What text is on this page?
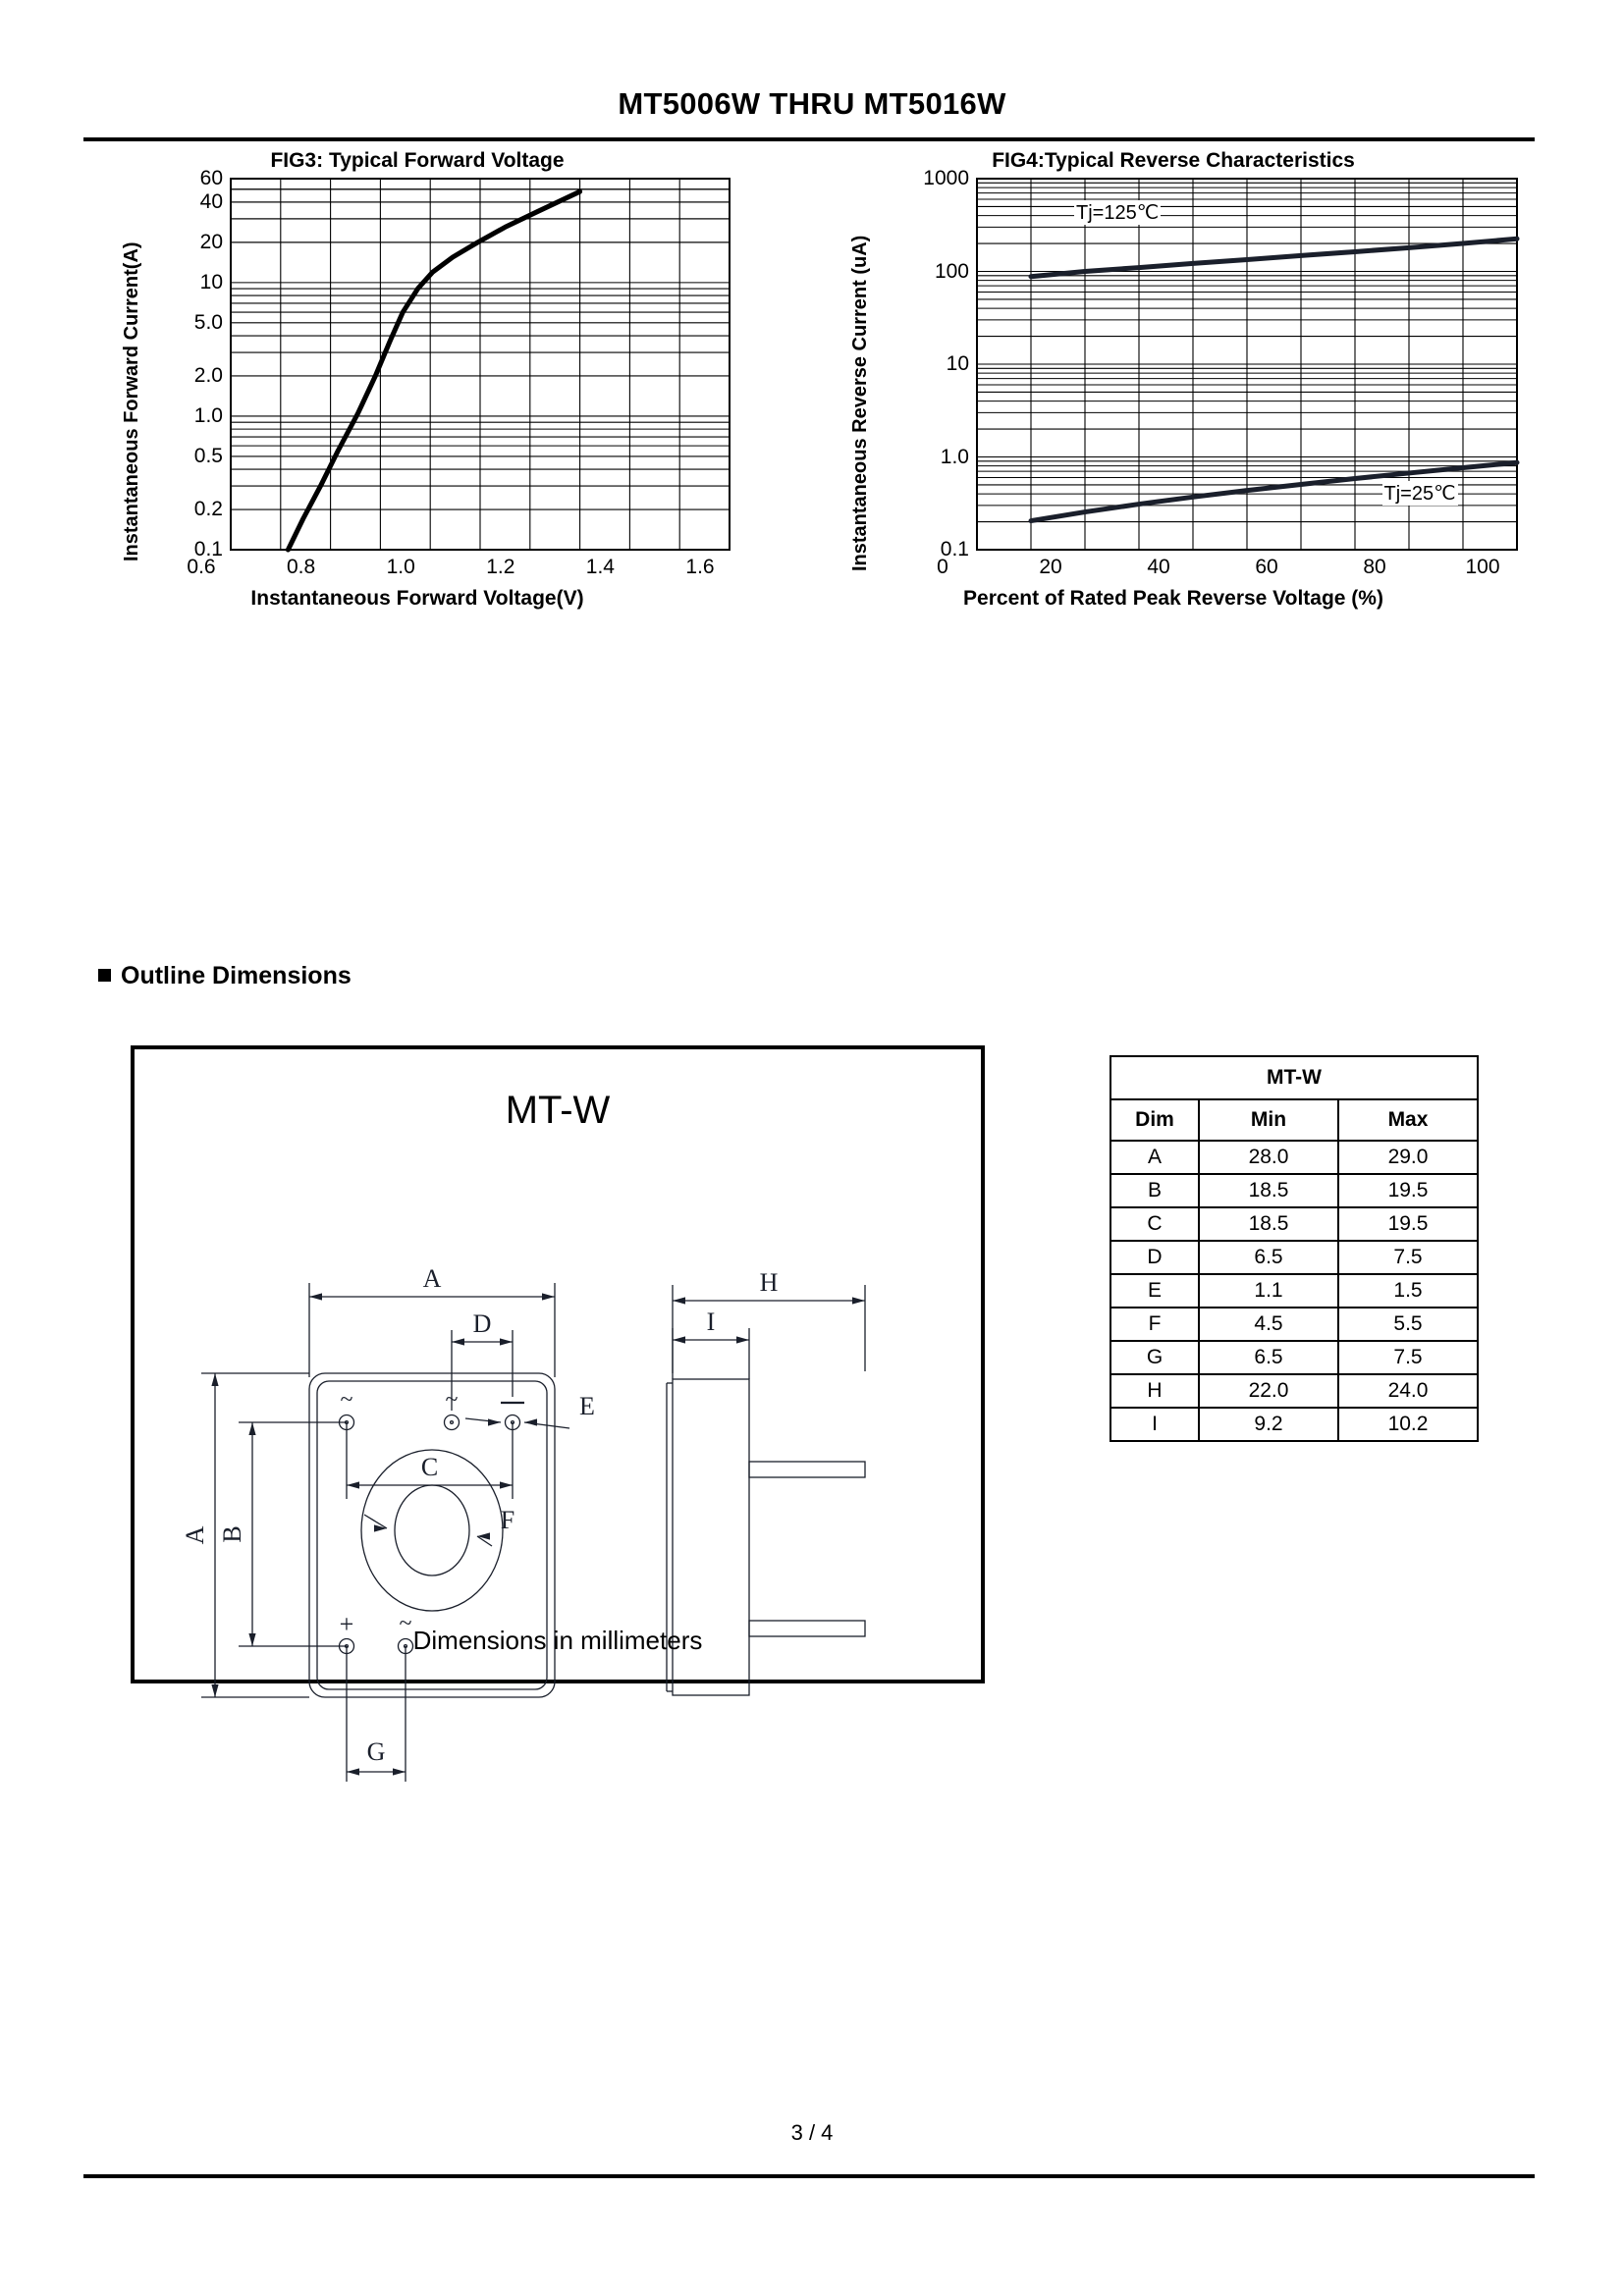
MT5006W THRU MT5016W
FIG3: Typical Forward Voltage
Instantaneous Forward Current(A)
Instantaneous Forward Voltage(V)
60
40
20
10
5.0
2.0
1.0
0.5
0.2
0.1
0.6	0.8	1.0	1.2	1.4	1.6
FIG4:Typical Reverse Characteristics
Instantaneous Reverse Current (uA)
Percent of Rated Peak Reverse Voltage (%)
1000
100
10
1.0
0.1
0	20	40	60	80	100
Tj=125℃
Tj=25℃
Outline Dimensions
MT-W
~	~
+ ~
A
A B
C
D
E
F
G
H
I
Dimensions in millimeters
MT-W		
Dim	Min	Max
A	28.0	29.0
B	18.5	19.5
C	18.5	19.5
D	6.5	7.5
E	1.1	1.5
F	4.5	5.5
G	6.5	7.5
H	22.0	24.0
I	9.2	10.2
3 / 4
